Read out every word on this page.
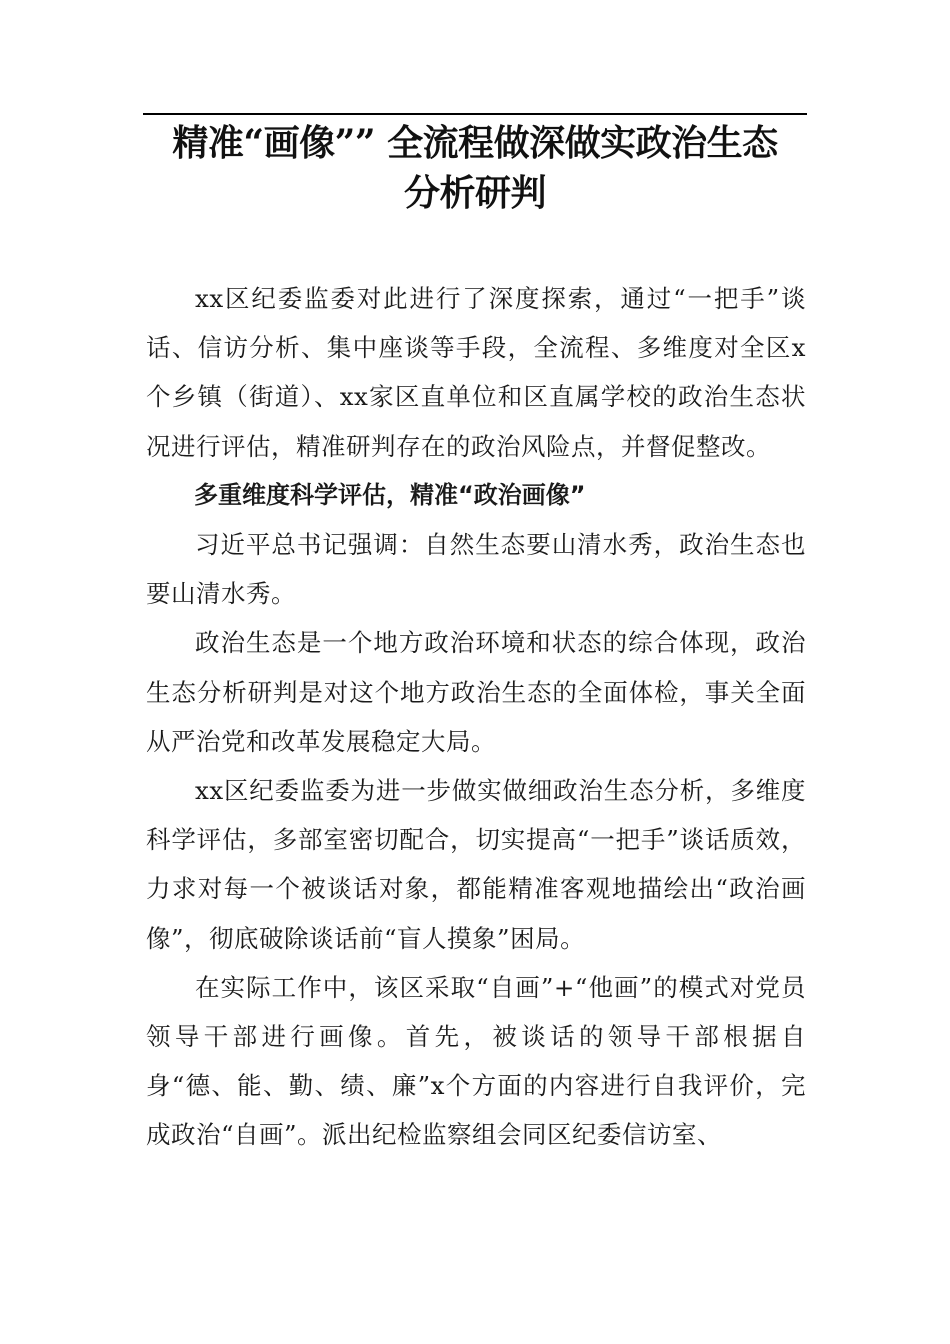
精准“画像”” 全流程做深做实政治生态
分析研判

xx区纪委监委对此进行了深度探索，通过“一把手”谈话、信访分析、集中座谈等手段，全流程、多维度对全区x个乡镇（街道）、xx家区直单位和区直属学校的政治生态状况进行评估，精准研判存在的政治风险点，并督促整改。

多重维度科学评估，精准“政治画像”

习近平总书记强调：自然生态要山清水秀，政治生态也要山清水秀。

政治生态是一个地方政治环境和状态的综合体现，政治生态分析研判是对这个地方政治生态的全面体检，事关全面从严治党和改革发展稳定大局。

xx区纪委监委为进一步做实做细政治生态分析，多维度科学评估，多部室密切配合，切实提高“一把手”谈话质效，力求对每一个被谈话对象，都能精准客观地描绘出“政治画像”，彻底破除谈话前“盲人摸象”困局。

在实际工作中，该区采取“自画”+“他画”的模式对党员领导干部进行画像。首先，被谈话的领导干部根据自身“德、能、勤、绩、廉”x个方面的内容进行自我评价，完成政治“自画”。派出纪检监察组会同区纪委信访室、
